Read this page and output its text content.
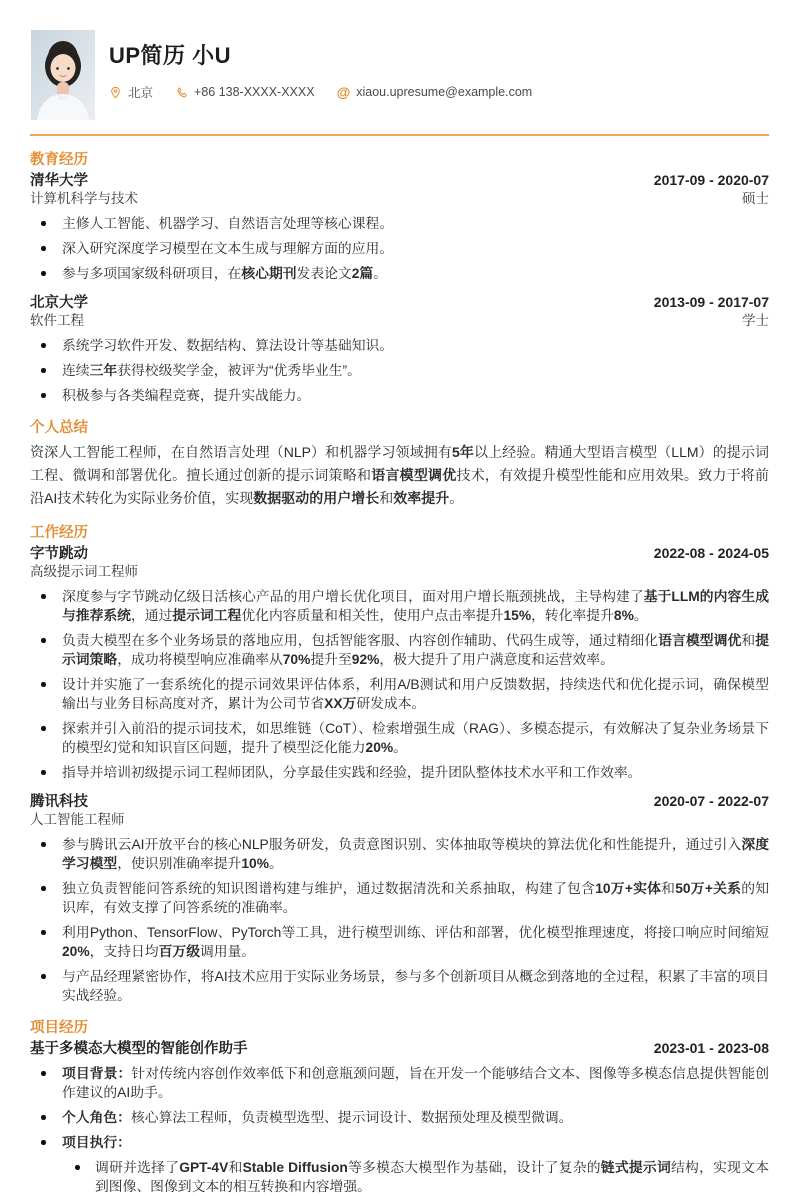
UP简历 小U
北京	+86 138-XXXX-XXXX @ xiaou.upresume@example.com
教育经历
清华大学	2017-09 - 2020-07
计算机科学与技术	硕士
主修人工智能、机器学习、自然语言处理等核心课程。
深入研究深度学习模型在文本生成与理解方面的应用。
参与多项国家级科研项目，在核心期刊发表论文2篇。
北京大学	2013-09 - 2017-07
软件工程	学士
系统学习软件开发、数据结构、算法设计等基础知识。
连续三年获得校级奖学金，被评为“优秀毕业生”。
积极参与各类编程竞赛，提升实战能力。
个人总结

资深人工智能工程师，在自然语言处理（NLP）和机器学习领域拥有5年以上经验。精通大型语言模型（LLM）的提示词工程、微调和部署优化。擅长通过创新的提示词策略和语言模型调优技术，有效提升模型性能和应用效果。致力于将前沿AI技术转化为实际业务价值，实现数据驱动的用户增长和效率提升。

工作经历
字节跳动	2022-08 - 2024-05
高级提示词工程师
深度参与字节跳动亿级日活核心产品的用户增长优化项目，面对用户增长瓶颈挑战，主导构建了基于LLM的内容生成与推荐系统，通过提示词工程优化内容质量和相关性，使用户点击率提升15%，转化率提升8%。
负责大模型在多个业务场景的落地应用，包括智能客服、内容创作辅助、代码生成等，通过精细化语言模型调优和提示词策略，成功将模型响应准确率从70%提升至92%，极大提升了用户满意度和运营效率。
设计并实施了一套系统化的提示词效果评估体系，利用A/B测试和用户反馈数据，持续迭代和优化提示词，确保模型输出与业务目标高度对齐，累计为公司节省XX万研发成本。
探索并引入前沿的提示词技术，如思维链（CoT）、检索增强生成（RAG）、多模态提示，有效解决了复杂业务场景下的模型幻觉和知识盲区问题，提升了模型泛化能力20%。
指导并培训初级提示词工程师团队，分享最佳实践和经验，提升团队整体技术水平和工作效率。
腾讯科技	2020-07 - 2022-07
人工智能工程师
参与腾讯云AI开放平台的核心NLP服务研发，负责意图识别、实体抽取等模块的算法优化和性能提升，通过引入深度学习模型，使识别准确率提升10%。
独立负责智能问答系统的知识图谱构建与维护，通过数据清洗和关系抽取，构建了包含10万+实体和50万+关系的知识库，有效支撑了问答系统的准确率。
利用Python、TensorFlow、PyTorch等工具，进行模型训练、评估和部署，优化模型推理速度，将接口响应时间缩短20%，支持日均百万级调用量。
与产品经理紧密协作，将AI技术应用于实际业务场景，参与多个创新项目从概念到落地的全过程，积累了丰富的项目实战经验。
项目经历
基于多模态大模型的智能创作助手	2023-01 - 2023-08
项目背景：针对传统内容创作效率低下和创意瓶颈问题，旨在开发一个能够结合文本、图像等多模态信息提供智能创作建议的AI助手。
个人角色：核心算法工程师，负责模型选型、提示词设计、数据预处理及模型微调。
项目执行：
调研并选择了GPT-4V和Stable Diffusion等多模态大模型作为基础，设计了复杂的链式提示词结构，实现文本到图像、图像到文本的相互转换和内容增强。
